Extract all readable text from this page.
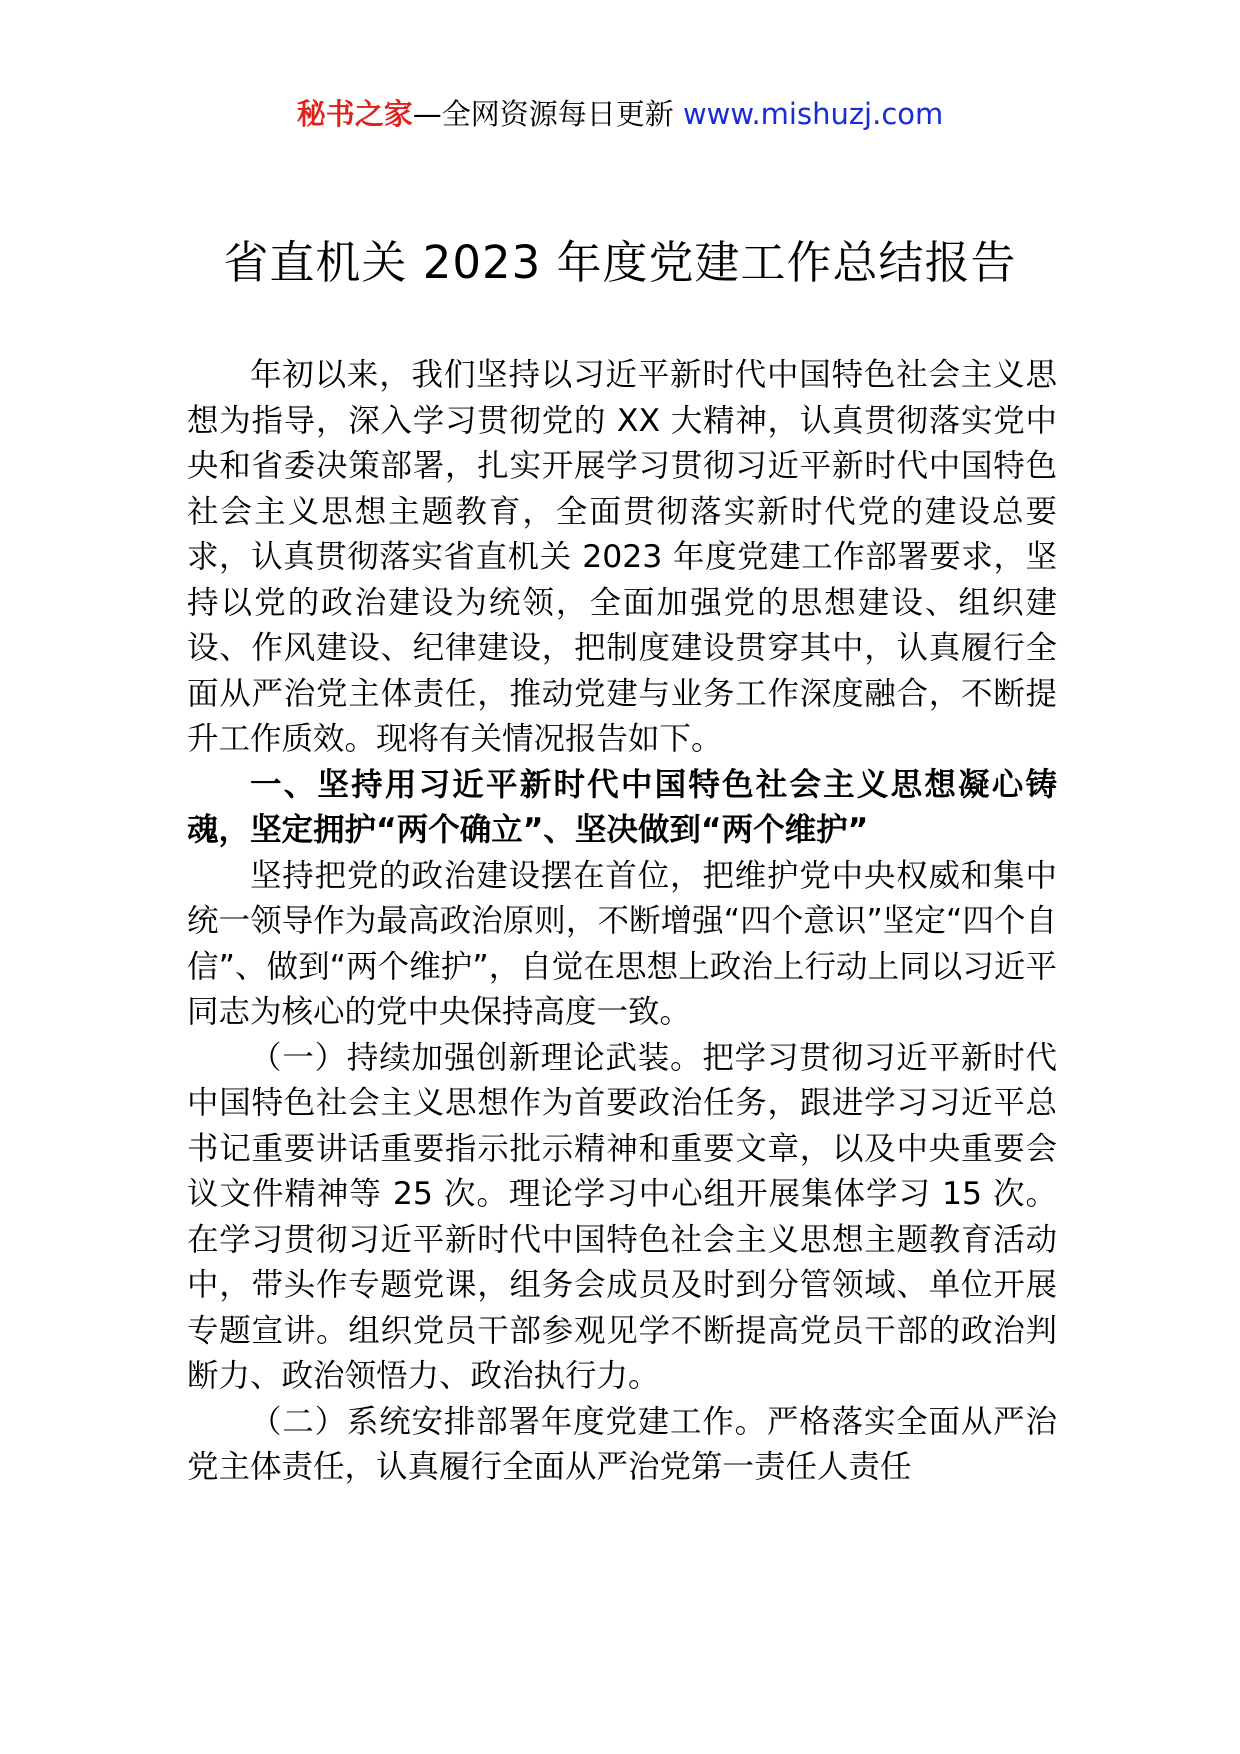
秘书之家—全网资源每日更新 www.mishuzj.com
省直机关 2023 年度党建工作总结报告

年初以来，我们坚持以习近平新时代中国特色社会主义思想为指导，深入学习贯彻党的 XX 大精神，认真贯彻落实党中央和省委决策部署，扎实开展学习贯彻习近平新时代中国特色社会主义思想主题教育，全面贯彻落实新时代党的建设总要求，认真贯彻落实省直机关 2023 年度党建工作部署要求，坚持以党的政治建设为统领，全面加强党的思想建设、组织建设、作风建设、纪律建设，把制度建设贯穿其中，认真履行全面从严治党主体责任，推动党建与业务工作深度融合，不断提升工作质效。现将有关情况报告如下。

一、坚持用习近平新时代中国特色社会主义思想凝心铸魂，坚定拥护“两个确立”、坚决做到“两个维护”

坚持把党的政治建设摆在首位，把维护党中央权威和集中统一领导作为最高政治原则，不断增强“四个意识”坚定“四个自信”、做到“两个维护”，自觉在思想上政治上行动上同以习近平同志为核心的党中央保持高度一致。

（一）持续加强创新理论武装。把学习贯彻习近平新时代中国特色社会主义思想作为首要政治任务，跟进学习习近平总书记重要讲话重要指示批示精神和重要文章，以及中央重要会议文件精神等 25 次。理论学习中心组开展集体学习 15 次。在学习贯彻习近平新时代中国特色社会主义思想主题教育活动中，带头作专题党课，组务会成员及时到分管领域、单位开展专题宣讲。组织党员干部参观见学不断提高党员干部的政治判断力、政治领悟力、政治执行力。

（二）系统安排部署年度党建工作。严格落实全面从严治党主体责任，认真履行全面从严治党第一责任人责任
